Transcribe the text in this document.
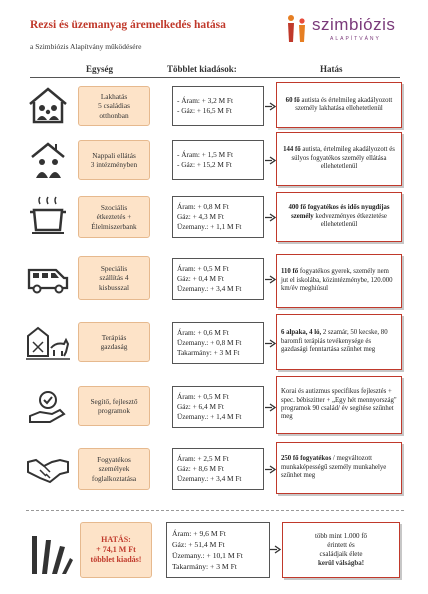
Rezsi és üzemanyag áremelkedés hatása
a Szimbiózis Alapítvány működésére
szimbiózis
ALAPÍTVÁNY
Egység	Többlet kiadások:	Hatás
Lakhatás
5 családias
otthonban
- Áram: + 3,2 M Ft
- Gáz: + 16,5 M Ft
60 fő autista és értelmileg akadályozott személy lakhatása ellehetetlenül
Nappali ellátás
3 intézményben
- Áram: + 1,5 M Ft
- Gáz: + 15,2 M Ft
144 fő autista, értelmileg akadályozott és súlyos fogyatékos személy ellátása ellehetetlenül
Szociális
étkeztetés +
Élelmiszerbank
Áram: + 0,8 M Ft
Gáz: + 4,3 M Ft
Üzemany.: + 1,1 M Ft
400 fő fogyatékos és idős nyugdíjas személy kedvezményes étkeztetése ellehetetlenül
Speciális
szállítás 4
kisbusszal
Áram: + 0,5 M Ft
Gáz: + 0,4 M Ft
Üzemany.: + 3,4 M Ft
110 fő fogyatékos gyerek, személy nem jut el iskolába, közintézménybe, 120.000 km/év meghiúsul
Terápiás
gazdaság
Áram: + 0,6 M Ft
Üzemany.: + 0,8 M Ft
Takarmány: + 3 M Ft
6 alpaka, 4 ló, 2 szamár, 50 kecske, 80 baromfi terápiás tevékenysége és gazdasági fenntartása szűnhet meg
Segítő, fejlesztő
programok
Áram: + 0,5 M Ft
Gáz: + 6,4 M Ft
Üzemany.: + 1,4 M Ft
Korai és autizmus specifikus fejlesztés + spec. bébiszitter + „Egy hét mennyország" programok 90 család/ év segítése szűnhet meg
Fogyatékos
személyek
foglalkoztatása
Áram: + 2,5 M Ft
Gáz: + 8,6 M Ft
Üzemany.: + 3,4 M Ft
250 fő fogyatékos / megváltozott munkaképességű személy munkahelye szűnhet meg
HATÁS:
+ 74,1 M Ft
többlet kiadás!
Áram: + 9,6 M Ft
Gáz: + 51,4 M Ft
Üzemany.: + 10,1 M Ft
Takarmány: + 3 M Ft
több mint 1.000 fő
érintett és
családjaik élete
kerül válságba!
